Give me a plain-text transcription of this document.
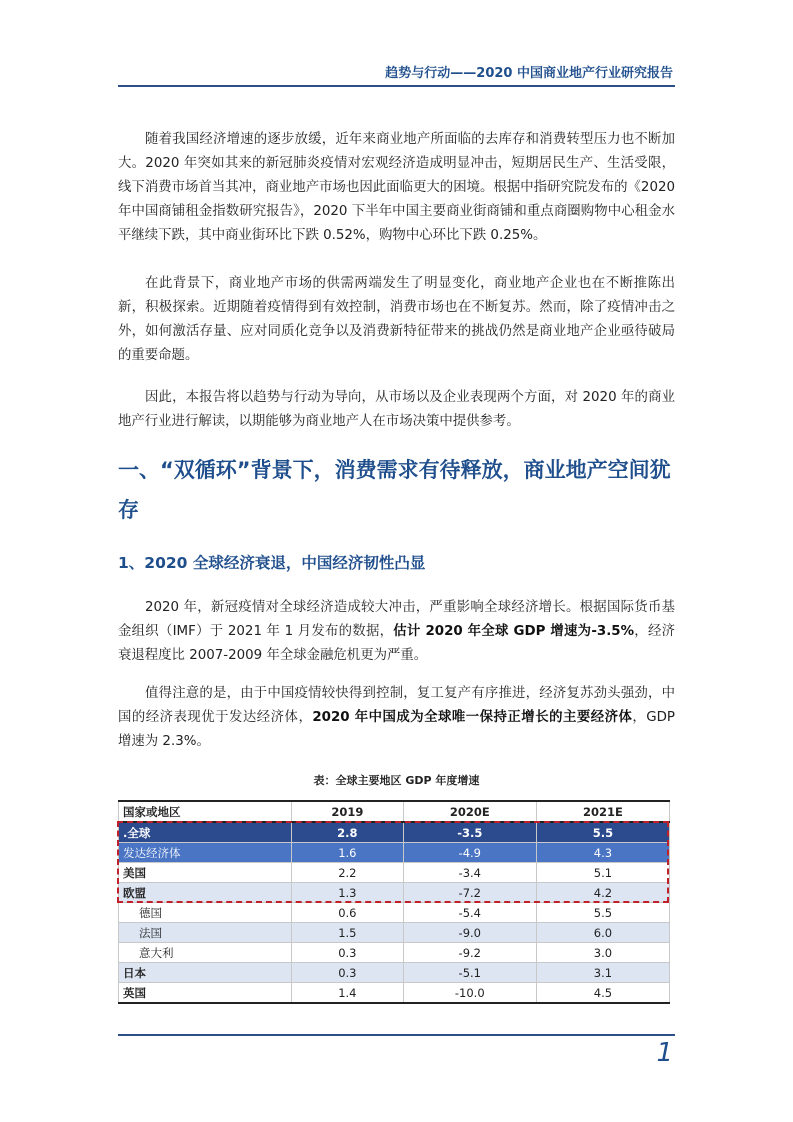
趋势与行动——2020 中国商业地产行业研究报告

随着我国经济增速的逐步放缓，近年来商业地产所面临的去库存和消费转型压力也不断加大。2020 年突如其来的新冠肺炎疫情对宏观经济造成明显冲击，短期居民生产、生活受限，线下消费市场首当其冲，商业地产市场也因此面临更大的困境。根据中指研究院发布的《2020 年中国商铺租金指数研究报告》，2020 下半年中国主要商业街商铺和重点商圈购物中心租金水平继续下跌，其中商业街环比下跌 0.52%，购物中心环比下跌 0.25%。

在此背景下，商业地产市场的供需两端发生了明显变化，商业地产企业也在不断推陈出新，积极探索。近期随着疫情得到有效控制，消费市场也在不断复苏。然而，除了疫情冲击之外，如何激活存量、应对同质化竞争以及消费新特征带来的挑战仍然是商业地产企业亟待破局的重要命题。

因此，本报告将以趋势与行动为导向，从市场以及企业表现两个方面，对 2020 年的商业地产行业进行解读，以期能够为商业地产人在市场决策中提供参考。

一、“双循环”背景下，消费需求有待释放，商业地产空间犹存
1、2020 全球经济衰退，中国经济韧性凸显

2020 年，新冠疫情对全球经济造成较大冲击，严重影响全球经济增长。根据国际货币基金组织（IMF）于 2021 年 1 月发布的数据，估计 2020 年全球 GDP 增速为-3.5%，经济衰退程度比 2007-2009 年全球金融危机更为严重。

值得注意的是，由于中国疫情较快得到控制，复工复产有序推进，经济复苏劲头强劲，中国的经济表现优于发达经济体，2020 年中国成为全球唯一保持正增长的主要经济体，GDP 增速为 2.3%。

表：全球主要地区 GDP 年度增速
国家或地区	2019	2020E	2021E
.全球	2.8	-3.5	5.5
发达经济体	1.6	-4.9	4.3
美国	2.2	-3.4	5.1
欧盟	1.3	-7.2	4.2
德国	0.6	-5.4	5.5
法国	1.5	-9.0	6.0
意大利	0.3	-9.2	3.0
日本	0.3	-5.1	3.1
英国	1.4	-10.0	4.5
1
